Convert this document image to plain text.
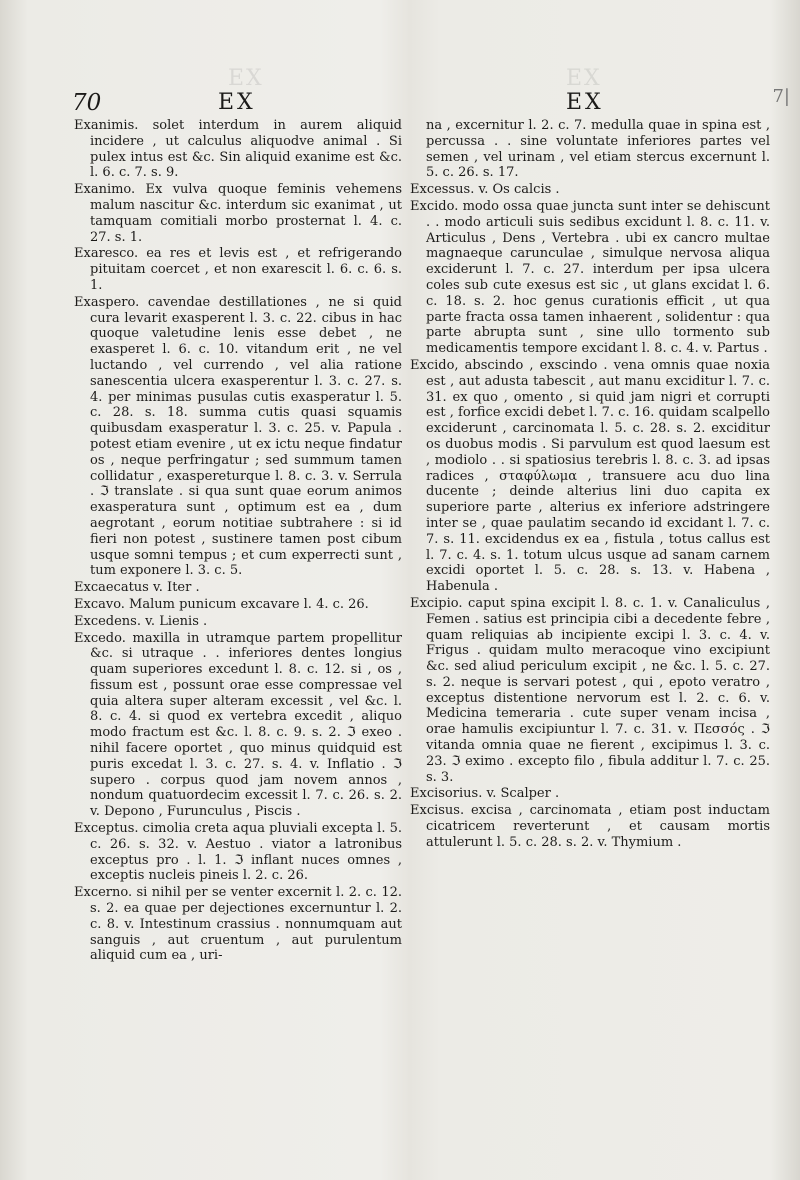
EX	EX
70	EX	EX	7|

Exanimis. solet interdum in aurem aliquid incidere , ut calculus aliquodve animal . Si pulex intus est &c. Sin aliquid exanime est &c. l. 6. c. 7. s. 9.

Exanimo. Ex vulva quoque feminis vehemens malum nascitur &c. interdum sic exanimat , ut tamquam comitiali morbo prosternat l. 4. c. 27. s. 1.

Exaresco. ea res et levis est , et refrigerando pituitam coercet , et non exarescit l. 6. c. 6. s. 1.

Exaspero. cavendae destillationes , ne si quid cura levarit exasperent l. 3. c. 22. cibus in hac quoque valetudine lenis esse debet , ne exasperet l. 6. c. 10. vitandum erit , ne vel luctando , vel currendo , vel alia ratione sanescentia ulcera exasperentur l. 3. c. 27. s. 4. per minimas pusulas cutis exasperatur l. 5. c. 28. s. 18. summa cutis quasi squamis quibusdam exasperatur l. 3. c. 25. v. Papula . potest etiam evenire , ut ex ictu neque findatur os , neque perfringatur ; sed summum tamen collidatur , exaspereturque l. 8. c. 3. v. Serrula . ℑ translate . si qua sunt quae eorum animos exasperatura sunt , optimum est ea , dum aegrotant , eorum notitiae subtrahere : si id fieri non potest , sustinere tamen post cibum usque somni tempus ; et cum experrecti sunt , tum exponere l. 3. c. 5.

Excaecatus v. Iter .

Excavo. Malum punicum excavare l. 4. c. 26.

Excedens. v. Lienis .

Excedo. maxilla in utramque partem propellitur &c. si utraque . . inferiores dentes longius quam superiores excedunt l. 8. c. 12. si , os , fissum est , possunt orae esse compressae vel quia altera super alteram excessit , vel &c. l. 8. c. 4. si quod ex vertebra excedit , aliquo modo fractum est &c. l. 8. c. 9. s. 2. ℑ exeo . nihil facere oportet , quo minus quidquid est puris excedat l. 3. c. 27. s. 4. v. Inflatio . ℑ supero . corpus quod jam novem annos , nondum quatuordecim excessit l. 7. c. 26. s. 2. v. Depono , Furunculus , Piscis .

Exceptus. cimolia creta aqua pluviali excepta l. 5. c. 26. s. 32. v. Aestuo . viator a latronibus exceptus pro . l. 1. ℑ inflant nuces omnes , exceptis nucleis pineis l. 2. c. 26.

Excerno. si nihil per se venter excernit l. 2. c. 12. s. 2. ea quae per dejectiones excernuntur l. 2. c. 8. v. Intestinum crassius . nonnumquam aut sanguis , aut cruentum , aut purulentum aliquid cum ea , uri-

na , excernitur l. 2. c. 7. medulla quae in spina est , percussa . . sine voluntate inferiores partes vel semen , vel urinam , vel etiam stercus excernunt l. 5. c. 26. s. 17.

Excessus. v. Os calcis .

Excido. modo ossa quae juncta sunt inter se dehiscunt . . modo articuli suis sedibus excidunt l. 8. c. 11. v. Articulus , Dens , Vertebra . ubi ex cancro multae magnaeque carunculae , simulque nervosa aliqua exciderunt l. 7. c. 27. interdum per ipsa ulcera coles sub cute exesus est sic , ut glans excidat l. 6. c. 18. s. 2. hoc genus curationis efficit , ut qua parte fracta ossa tamen inhaerent , solidentur : qua parte abrupta sunt , sine ullo tormento sub medicamentis tempore excidant l. 8. c. 4. v. Partus .

Excido, abscindo , exscindo . vena omnis quae noxia est , aut adusta tabescit , aut manu exciditur l. 7. c. 31. ex quo , omento , si quid jam nigri et corrupti est , forfice excidi debet l. 7. c. 16. quidam scalpello exciderunt , carcinomata l. 5. c. 28. s. 2. exciditur os duobus modis . Si parvulum est quod laesum est , modiolo . . si spatiosius terebris l. 8. c. 3. ad ipsas radices , σταφύλωμα , transuere acu duo lina ducente ; deinde alterius lini duo capita ex superiore parte , alterius ex inferiore adstringere inter se , quae paulatim secando id excidant l. 7. c. 7. s. 11. excidendus ex ea , fistula , totus callus est l. 7. c. 4. s. 1. totum ulcus usque ad sanam carnem excidi oportet l. 5. c. 28. s. 13. v. Habena , Habenula .

Excipio. caput spina excipit l. 8. c. 1. v. Canaliculus , Femen . satius est principia cibi a decedente febre , quam reliquias ab incipiente excipi l. 3. c. 4. v. Frigus . quidam multo meracoque vino excipiunt &c. sed aliud periculum excipit , ne &c. l. 5. c. 27. s. 2. neque is servari potest , qui , epoto veratro , exceptus distentione nervorum est l. 2. c. 6. v. Medicina temeraria . cute super venam incisa , orae hamulis excipiuntur l. 7. c. 31. v. Πεσσός . ℑ vitanda omnia quae ne fierent , excipimus l. 3. c. 23. ℑ eximo . excepto filo , fibula additur l. 7. c. 25. s. 3.

Excisorius. v. Scalper .

Excisus. excisa , carcinomata , etiam post inductam cicatricem reverterunt , et causam mortis attulerunt l. 5. c. 28. s. 2. v. Thymium .
